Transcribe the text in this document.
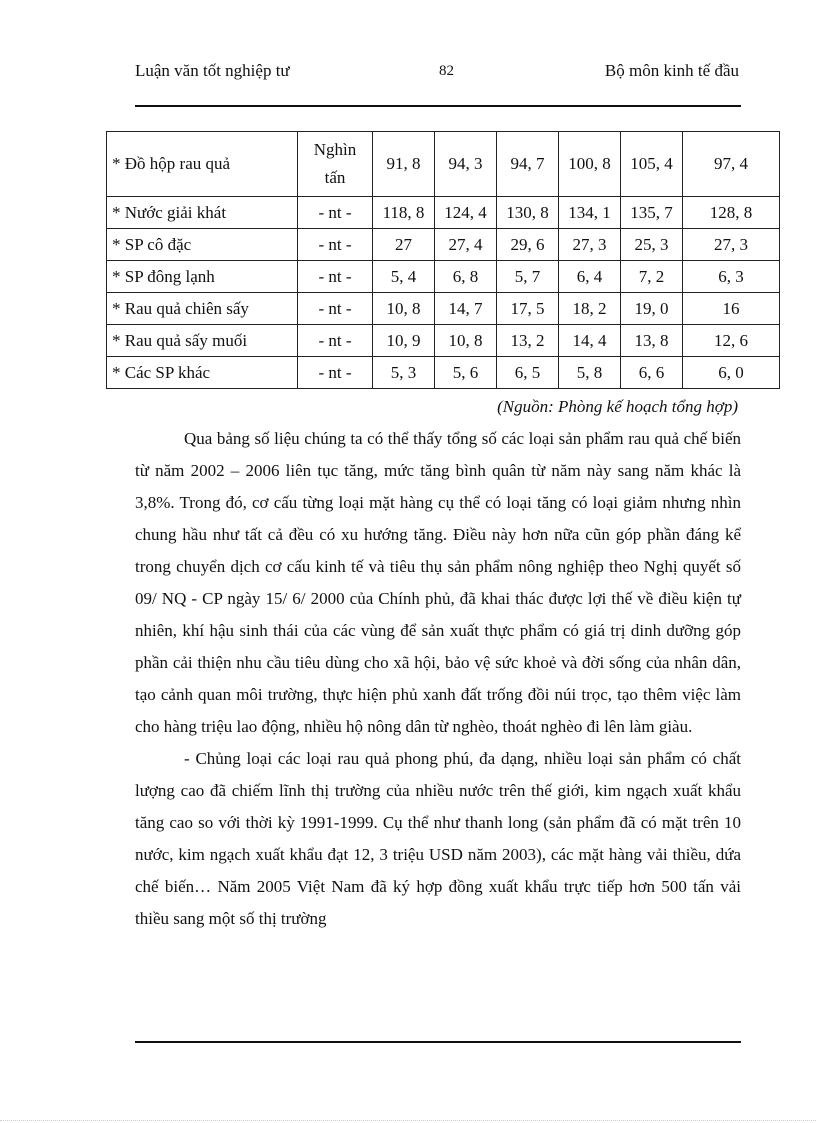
Luận văn tốt nghiệp tư	82	Bộ môn kinh tế đầu
* Đồ hộp rau quả	Nghìn tấn	91, 8	94, 3	94, 7	100, 8	105, 4	97, 4
* Nước giải khát	- nt -	118, 8	124, 4	130, 8	134, 1	135, 7	128, 8
* SP cô đặc	- nt -	27	27, 4	29, 6	27, 3	25, 3	27, 3
* SP đông lạnh	- nt -	5, 4	6, 8	5, 7	6, 4	7, 2	6, 3
* Rau quả chiên sấy	- nt -	10, 8	14, 7	17, 5	18, 2	19, 0	16
* Rau quả sấy muối	- nt -	10, 9	10, 8	13, 2	14, 4	13, 8	12, 6
* Các SP khác	- nt -	5, 3	5, 6	6, 5	5, 8	6, 6	6, 0
(Nguồn: Phòng kế hoạch tổng hợp)

Qua bảng số liệu chúng ta có thể thấy tổng số các loại sản phẩm rau quả chế biến từ năm 2002 – 2006 liên tục tăng, mức tăng bình quân từ năm này sang năm khác là 3,8%. Trong đó, cơ cấu từng loại mặt hàng cụ thể có loại tăng có loại giảm nhưng nhìn chung hầu như tất cả đều có xu hướng tăng. Điều này hơn nữa cũn góp phần đáng kể trong chuyển dịch cơ cấu kinh tế và tiêu thụ sản phẩm nông nghiệp theo Nghị quyết số 09/ NQ - CP ngày 15/ 6/ 2000 của Chính phủ, đã khai thác được lợi thế về điều kiện tự nhiên, khí hậu sinh thái của các vùng để sản xuất thực phẩm có giá trị dinh dưỡng góp phần cải thiện nhu cầu tiêu dùng cho xã hội, bảo vệ sức khoẻ và đời sống của nhân dân, tạo cảnh quan môi trường, thực hiện phủ xanh đất trống đồi núi trọc, tạo thêm việc làm cho hàng triệu lao động, nhiều hộ nông dân từ nghèo, thoát nghèo đi lên làm giàu.

- Chủng loại các loại rau quả phong phú, đa dạng, nhiều loại sản phẩm có chất lượng cao đã chiếm lĩnh thị trường của nhiều nước trên thế giới, kim ngạch xuất khẩu tăng cao so với thời kỳ 1991-1999. Cụ thể như thanh long (sản phẩm đã có mặt trên 10 nước, kim ngạch xuất khẩu đạt 12, 3 triệu USD năm 2003), các mặt hàng vải thiều, dứa chế biến… Năm 2005 Việt Nam đã ký hợp đồng xuất khẩu trực tiếp hơn 500 tấn vải thiều sang một số thị trường
